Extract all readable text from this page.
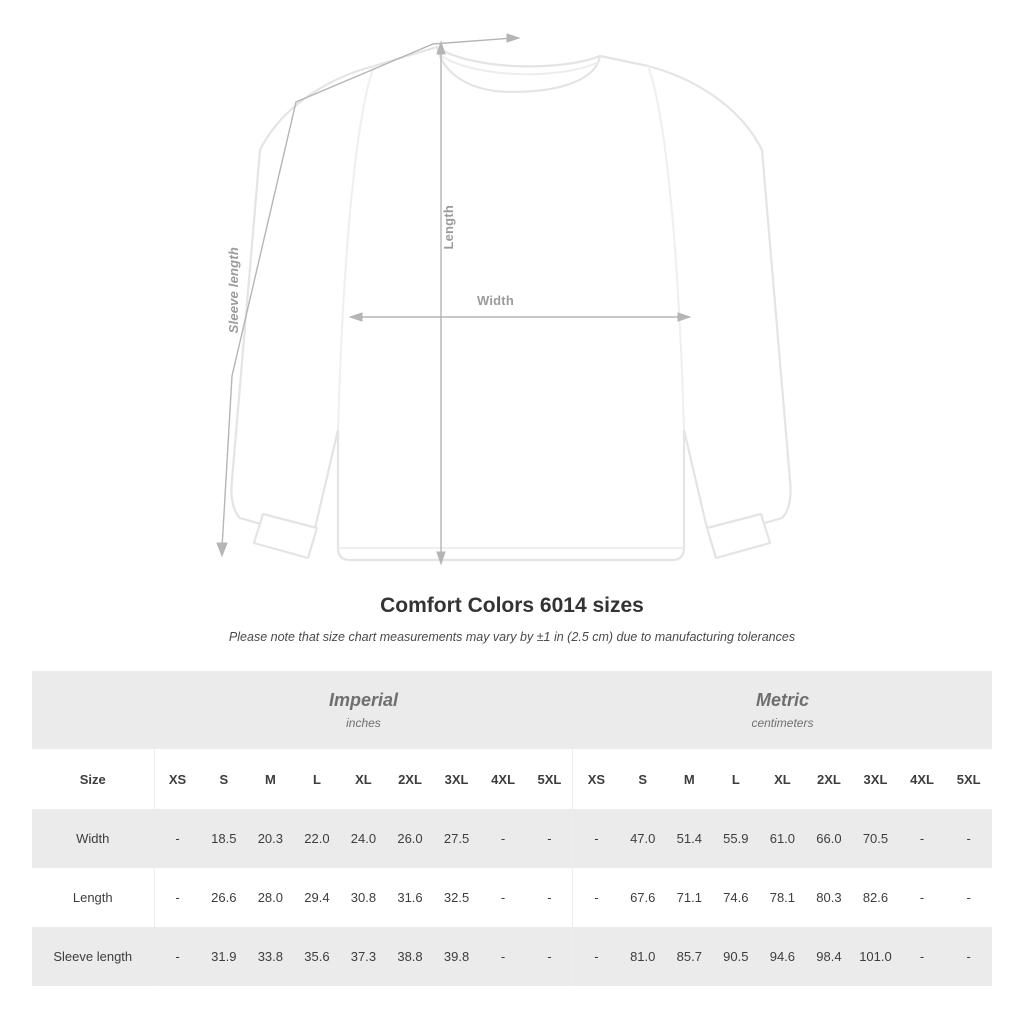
Length
Width
Sleeve length
Comfort Colors 6014 sizes
Please note that size chart measurements may vary by ±1 in (2.5 cm) due to manufacturing tolerances

	Imperial
inches									Metric
centimeters								

Size	XS	S	M	L	XL	2XL	3XL	4XL	5XL	XS	S	M	L	XL	2XL	3XL	4XL	5XL
Width	-	18.5	20.3	22.0	24.0	26.0	27.5	-	-	-	47.0	51.4	55.9	61.0	66.0	70.5	-	-
Length	-	26.6	28.0	29.4	30.8	31.6	32.5	-	-	-	67.6	71.1	74.6	78.1	80.3	82.6	-	-
Sleeve length	-	31.9	33.8	35.6	37.3	38.8	39.8	-	-	-	81.0	85.7	90.5	94.6	98.4	101.0	-	-
